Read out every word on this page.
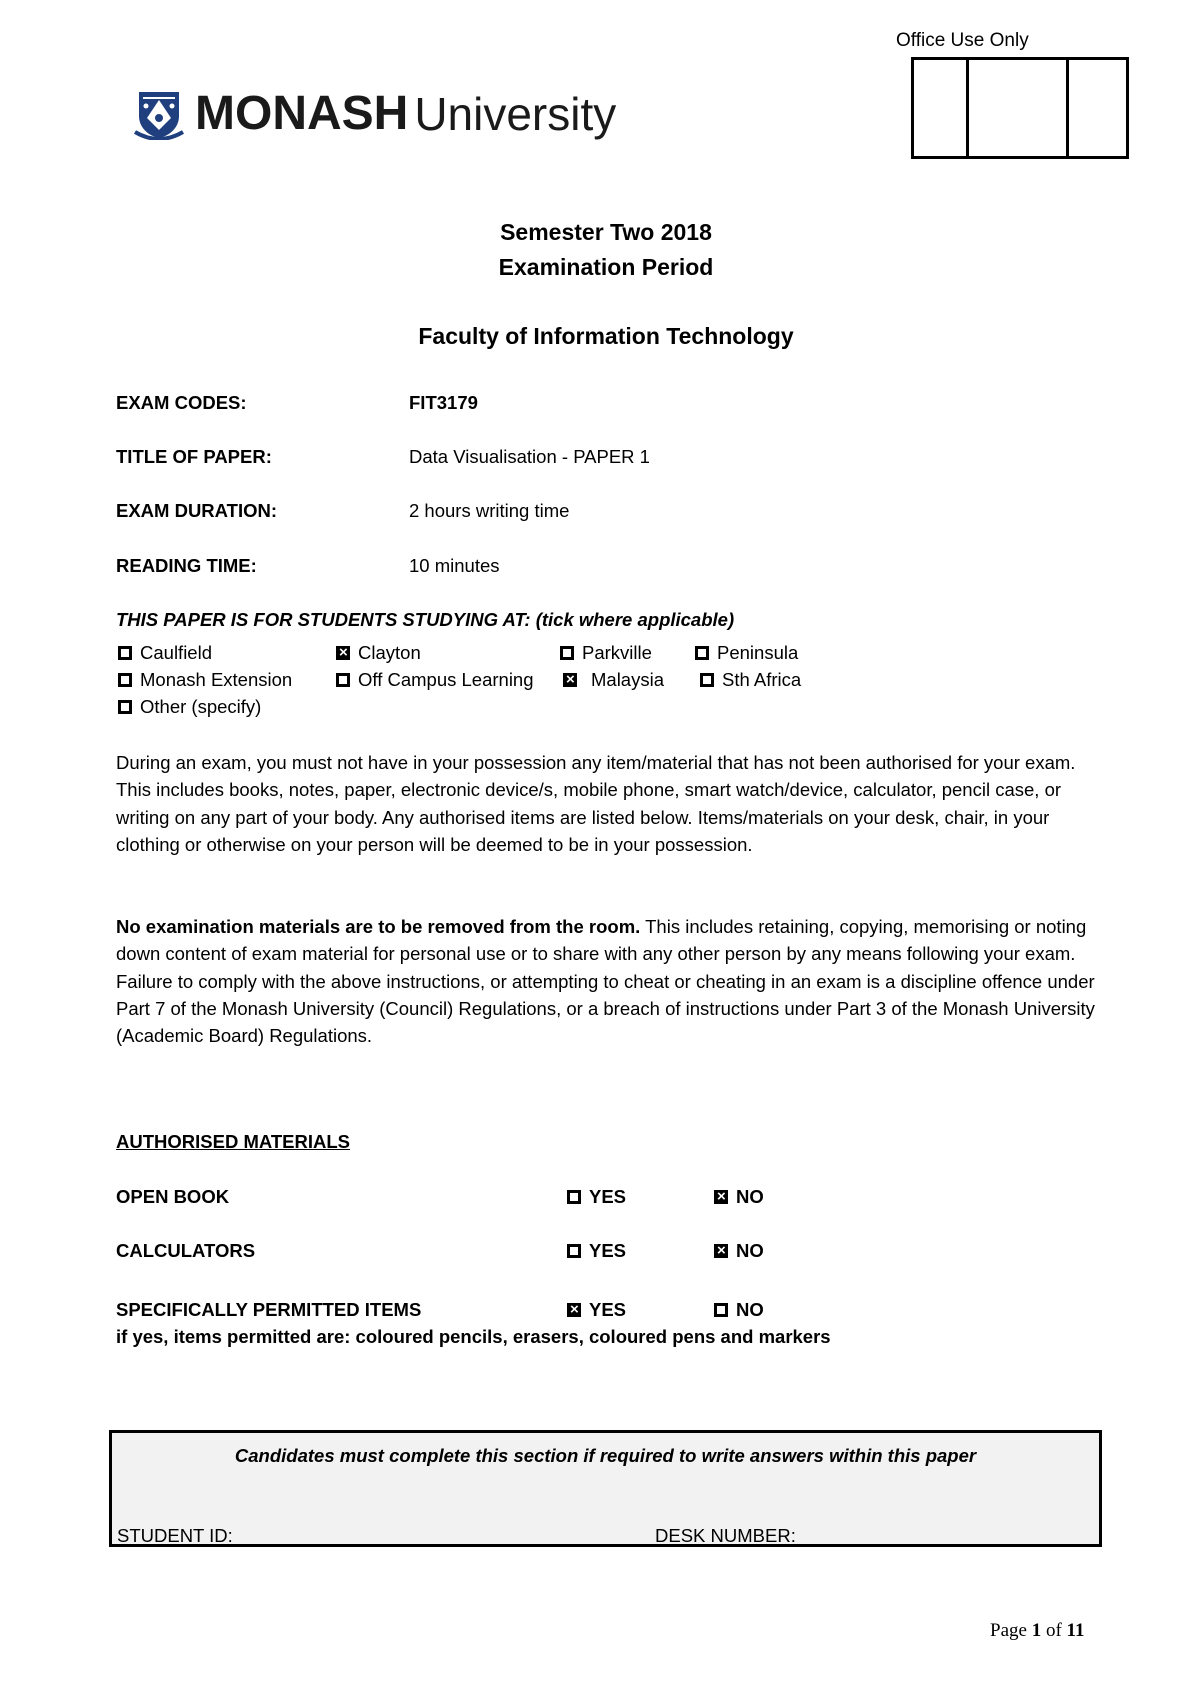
Office Use Only
MONASH University
Semester Two 2018
Examination Period
Faculty of Information Technology
EXAM CODES:	FIT3179
TITLE OF PAPER:	Data Visualisation - PAPER 1
EXAM DURATION:	2 hours writing time
READING TIME:	10 minutes
THIS PAPER IS FOR STUDENTS STUDYING AT: (tick where applicable)
Caulfield ×	Clayton	Parkville	Peninsula
Monash Extension	Off Campus Learning ×	Malaysia	Sth Africa
Other (specify)

During an exam, you must not have in your possession any item/material that has not been authorised for your exam. This includes books, notes, paper, electronic device/s, mobile phone, smart watch/device, calculator, pencil case, or writing on any part of your body. Any authorised items are listed below. Items/materials on your desk, chair, in your clothing or otherwise on your person will be deemed to be in your possession.

No examination materials are to be removed from the room. This includes retaining, copying, memorising or noting down content of exam material for personal use or to share with any other person by any means following your exam.

Failure to comply with the above instructions, or attempting to cheat or cheating in an exam is a discipline offence under Part 7 of the Monash University (Council) Regulations, or a breach of instructions under Part 3 of the Monash University (Academic Board) Regulations.

AUTHORISED MATERIALS
OPEN BOOK	YES ×	NO
CALCULATORS	YES ×	NO
SPECIFICALLY PERMITTED ITEMS ×	YES	NO
if yes, items permitted are: coloured pencils, erasers, coloured pens and markers
Candidates must complete this section if required to write answers within this paper
STUDENT ID:	__ __ __ __ __ __ __ __	DESK NUMBER:	__ __ __ __ __
Page 1 of 11
